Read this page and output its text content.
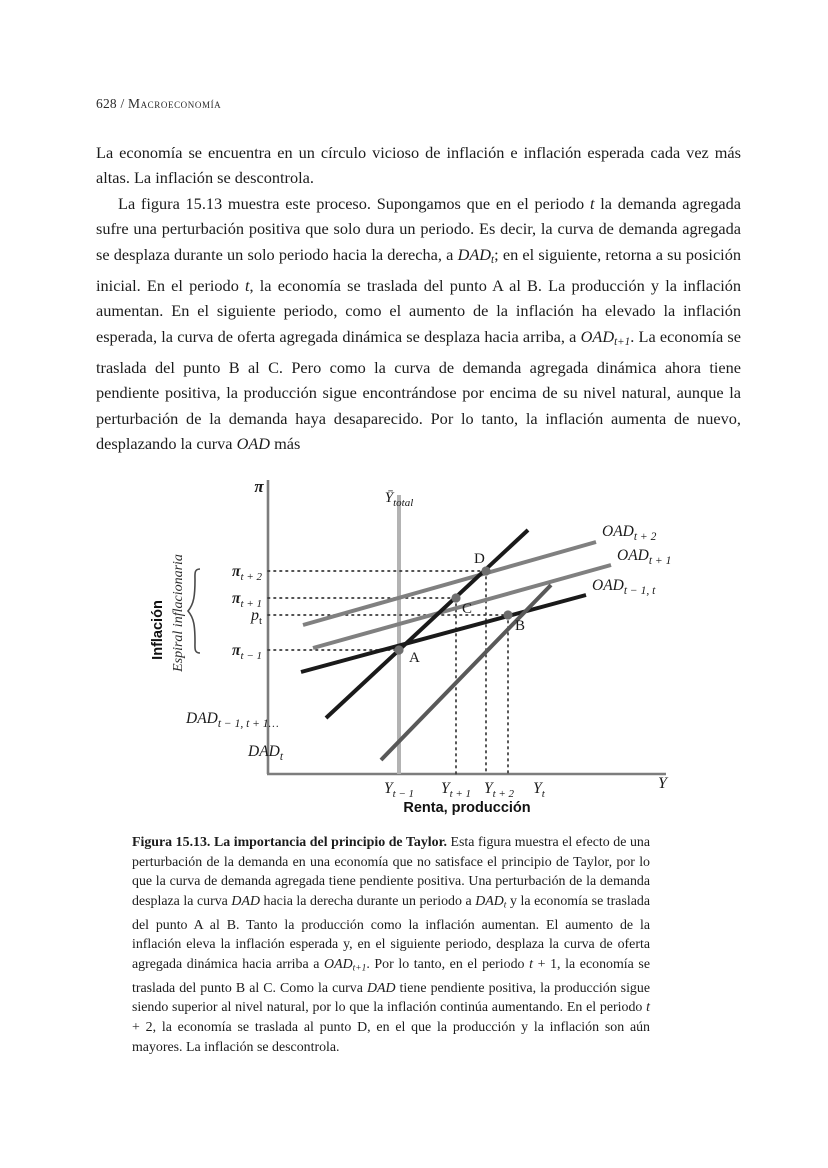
628 / Macroeconomía

La economía se encuentra en un círculo vicioso de inflación e inflación esperada cada vez más altas. La inflación se descontrola.

La figura 15.13 muestra este proceso. Supongamos que en el periodo t la demanda agregada sufre una perturbación positiva que solo dura un periodo. Es decir, la curva de demanda agregada se desplaza durante un solo periodo hacia la derecha, a $DAD_t$; en el siguiente, retorna a su posición inicial. En el periodo t, la economía se traslada del punto A al B. La producción y la inflación aumentan. En el siguiente periodo, como el aumento de la inflación ha elevado la inflación esperada, la curva de oferta agregada dinámica se desplaza hacia arriba, a $OAD_{t+1}$. La economía se traslada del punto B al C. Pero como la curva de demanda agregada dinámica ahora tiene pendiente positiva, la producción sigue encontrándose por encima de su nivel natural, aunque la perturbación de la demanda haya desaparecido. Por lo tanto, la inflación aumenta de nuevo, desplazando la curva OAD más

π
Y
$Ȳ_{total}$
A
B
C
D
$OAD_{t + 2}$
$OAD_{t + 1}$
$OAD_{t - 1, t}$
$DAD_{t - 1, t + 1\dots}$
$DAD_t$
$\pi_{t + 2}$
$\pi_{t + 1}$
$p_t$
$\pi_{t - 1}$
Espiral inflacionaria
Inflación
$Y_{t - 1}$ $Y_{t + 1}$ $Y_{t + 2}$ $Y_t$
Renta, producción

Figura 15.13. La importancia del principio de Taylor. Esta figura muestra el efecto de una perturbación de la demanda en una economía que no satisface el principio de Taylor, por lo que la curva de demanda agregada tiene pendiente positiva. Una perturbación de la demanda desplaza la curva DAD hacia la derecha durante un periodo a $DAD_t$ y la economía se traslada del punto A al B. Tanto la producción como la inflación aumentan. El aumento de la inflación eleva la inflación esperada y, en el siguiente periodo, desplaza la curva de oferta agregada dinámica hacia arriba a $OAD_{t+1}$. Por lo tanto, en el periodo t + 1, la economía se traslada del punto B al C. Como la curva DAD tiene pendiente positiva, la producción sigue siendo superior al nivel natural, por lo que la inflación continúa aumentando. En el periodo t + 2, la economía se traslada al punto D, en el que la producción y la inflación son aún mayores. La inflación se descontrola.
